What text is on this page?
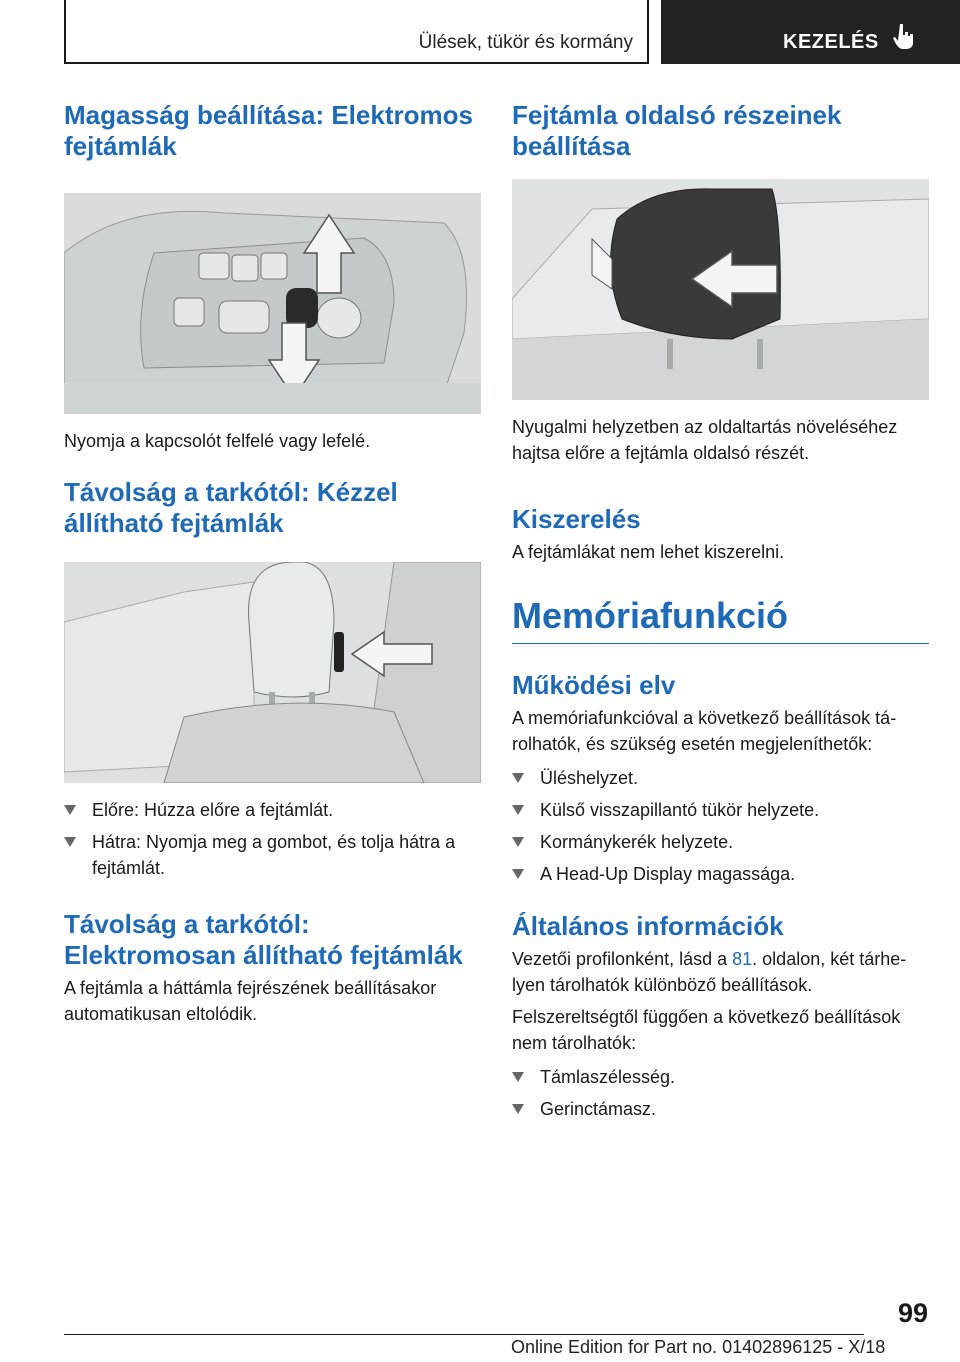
Ülések, tükör és kormány	KEZELÉS
Magasság beállítása: Elektromos fejtámlák

Nyomja a kapcsolót felfelé vagy lefelé.

Távolság a tarkótól: Kézzel állítható fejtámlák
Előre: Húzza előre a fejtámlát.
Hátra: Nyomja meg a gombot, és tolja hátra a fejtámlát.
Távolság a tarkótól: Elektromosan állítható fejtámlák

A fejtámla a háttámla fejrészének beállításakor automatikusan eltolódik.

Fejtámla oldalsó részeinek beállítása

Nyugalmi helyzetben az oldaltartás növeléséhez hajtsa előre a fejtámla oldalsó részét.

Kiszerelés

A fejtámlákat nem lehet kiszerelni.

Memóriafunkció
Működési elv

A memóriafunkcióval a következő beállítások tá-rolhatók, és szükség esetén megjeleníthetők:

Üléshelyzet.
Külső visszapillantó tükör helyzete.
Kormánykerék helyzete.
A Head-Up Display magassága.
Általános információk

Vezetői profilonként, lásd a 81. oldalon, két tárhe-lyen tárolhatók különböző beállítások.

Felszereltségtől függően a következő beállítások nem tárolhatók:

Támlaszélesség.
Gerinctámasz.
99
Online Edition for Part no. 01402896125 - X/18
